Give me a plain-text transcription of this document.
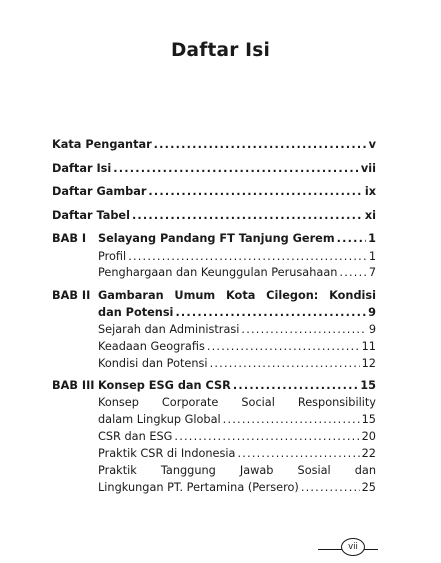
Daftar Isi
Kata Pengantar .....	v
Daftar Isi .....	vii
Daftar Gambar .....	ix
Daftar Tabel .....	xi
BAB I Selayang Pandang FT Tanjung Gerem .....	1
Profil .....	1
Penghargaan dan Keunggulan Perusahaan .....	7
BAB II Gambaran Umum Kota Cilegon: Kondisi
dan Potensi .....	9
Sejarah dan Administrasi .....	9
Keadaan Geografis .....	11
Kondisi dan Potensi .....	12
BAB III Konsep ESG dan CSR .....	15
Konsep Corporate Social Responsibility
dalam Lingkup Global .....	15
CSR dan ESG .....	20
Praktik CSR di Indonesia .....	22
Praktik Tanggung Jawab Sosial dan
Lingkungan PT. Pertamina (Persero) .....	25
vii
